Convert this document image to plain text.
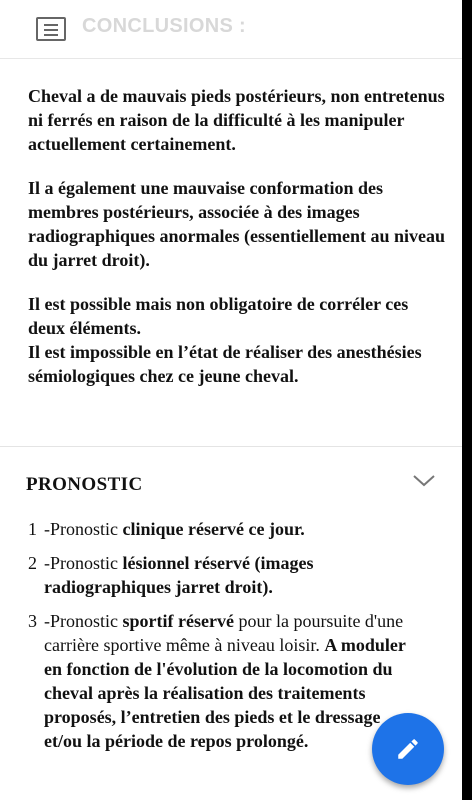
CONCLUSIONS :

Cheval a de mauvais pieds postérieurs, non entretenus ni ferrés en raison de la difficulté à les manipuler actuellement certainement.

Il a également une mauvaise conformation des membres postérieurs, associée à des images radiographiques anormales (essentiellement au niveau du jarret droit).

Il est possible mais non obligatoire de corréler ces deux éléments.
Il est impossible en l’état de réaliser des anesthésies sémiologiques chez ce jeune cheval.

PRONOSTIC
1 -Pronostic clinique réservé ce jour.
2 -Pronostic lésionnel réservé (images radiographiques jarret droit).
3 -Pronostic sportif réservé pour la poursuite d'une carrière sportive même à niveau loisir. A moduler en fonction de l'évolution de la locomotion du cheval après la réalisation des traitements proposés, l’entretien des pieds et le dressage et/ou la période de repos prolongé.
